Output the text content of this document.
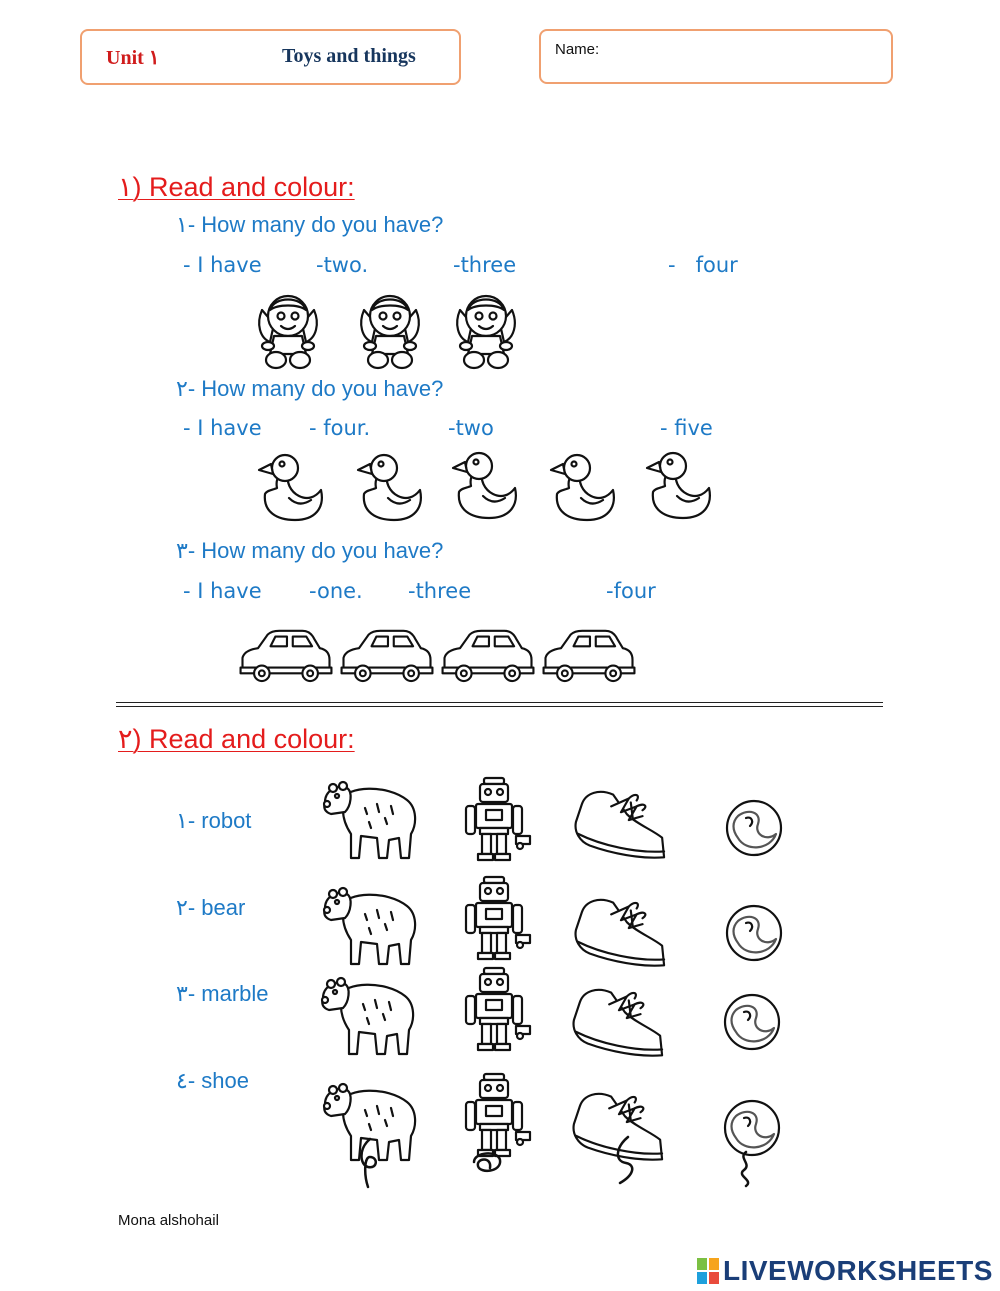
Unit ١	Toys and things	Name:
١) Read and colour:
١- How many do you have?
- I have	-two.	-three	-   four
٢- How many do you have?
- I have - four.	-two	- five
٣- How many do you have?
- I have -one. -three	-four
٢) Read and colour:
١- robot
٢- bear
٣- marble
٤- shoe
Mona alshohail
LIVEWORKSHEETS
